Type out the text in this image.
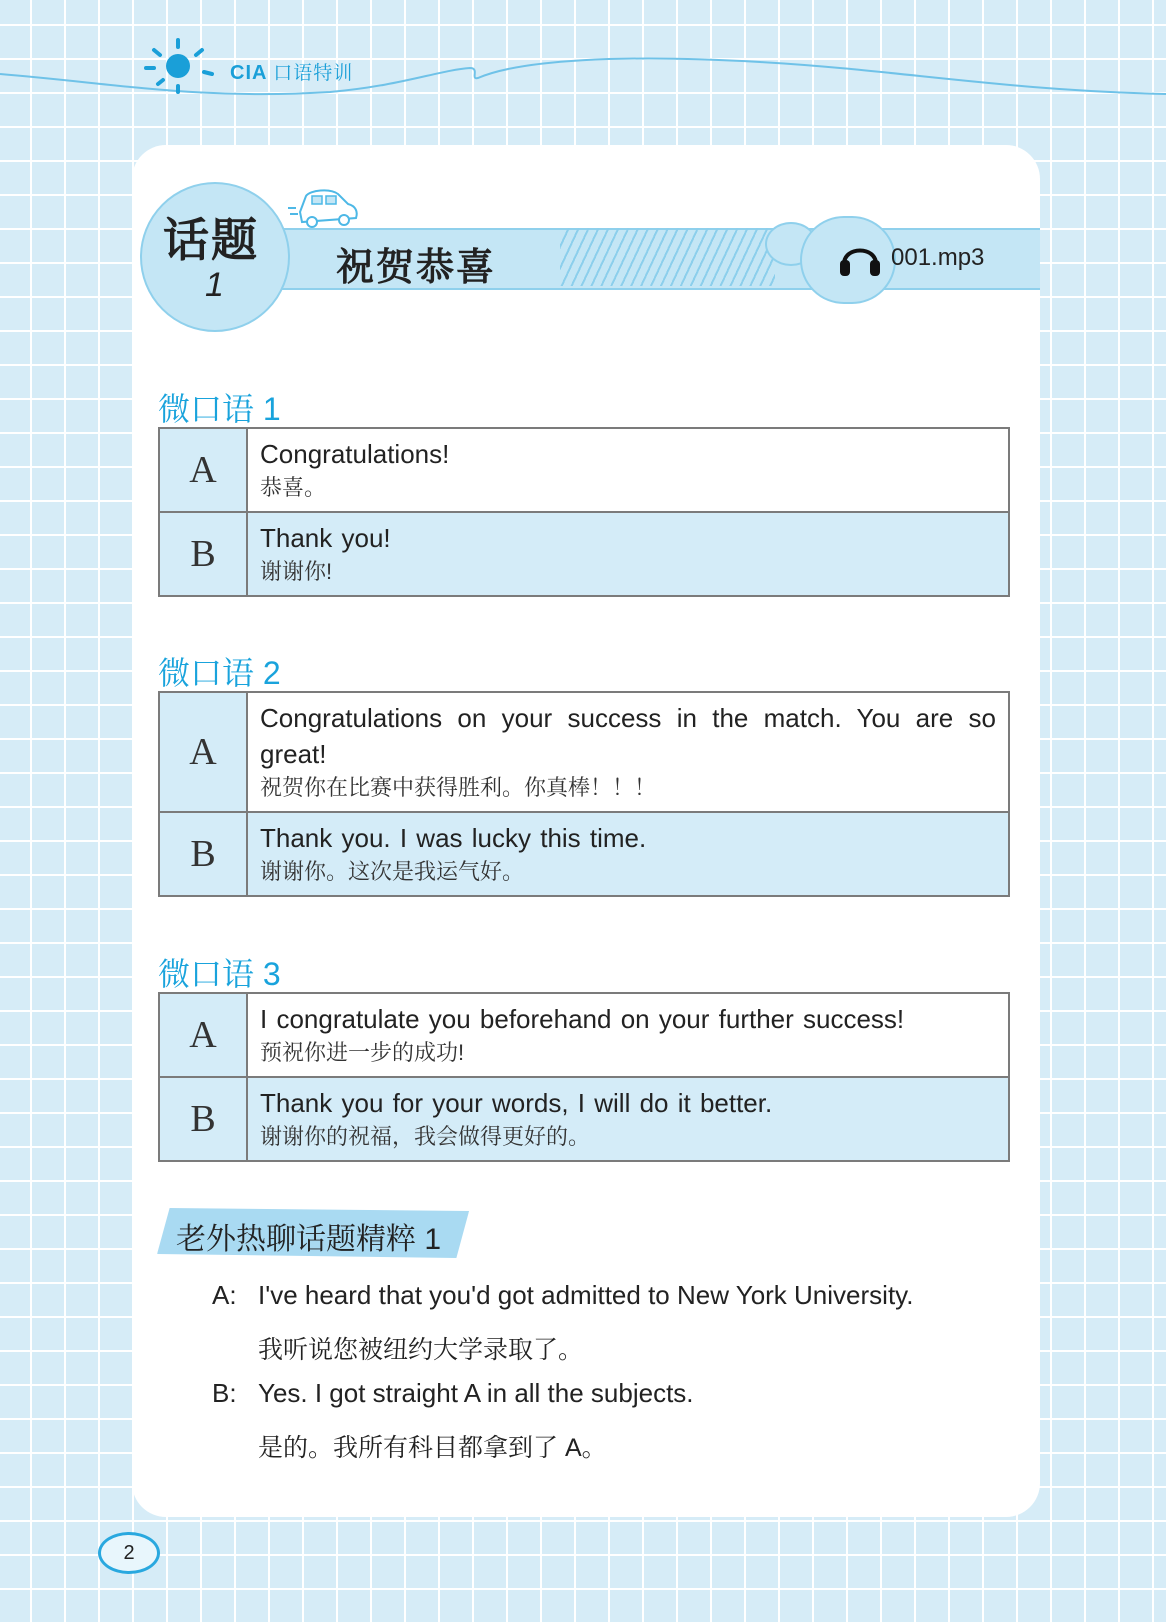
CIA 口语特训
话题
1	祝贺恭喜	001.mp3
微口语 1
A	Congratulations!
恭喜。
B	Thank you!
谢谢你!
微口语 2
A
Congratulations on your success in the match. You are so great!
祝贺你在比赛中获得胜利。你真棒！！！
B	Thank you. I was lucky this time.
谢谢你。这次是我运气好。
微口语 3
A	I congratulate you beforehand on your further success!
预祝你进一步的成功!
B	Thank you for your words, I will do it better.
谢谢你的祝福，我会做得更好的。
老外热聊话题精粹 1
A: I've heard that you'd got admitted to New York University.
我听说您被纽约大学录取了。
B: Yes. I got straight A in all the subjects.
是的。我所有科目都拿到了 A。
2
